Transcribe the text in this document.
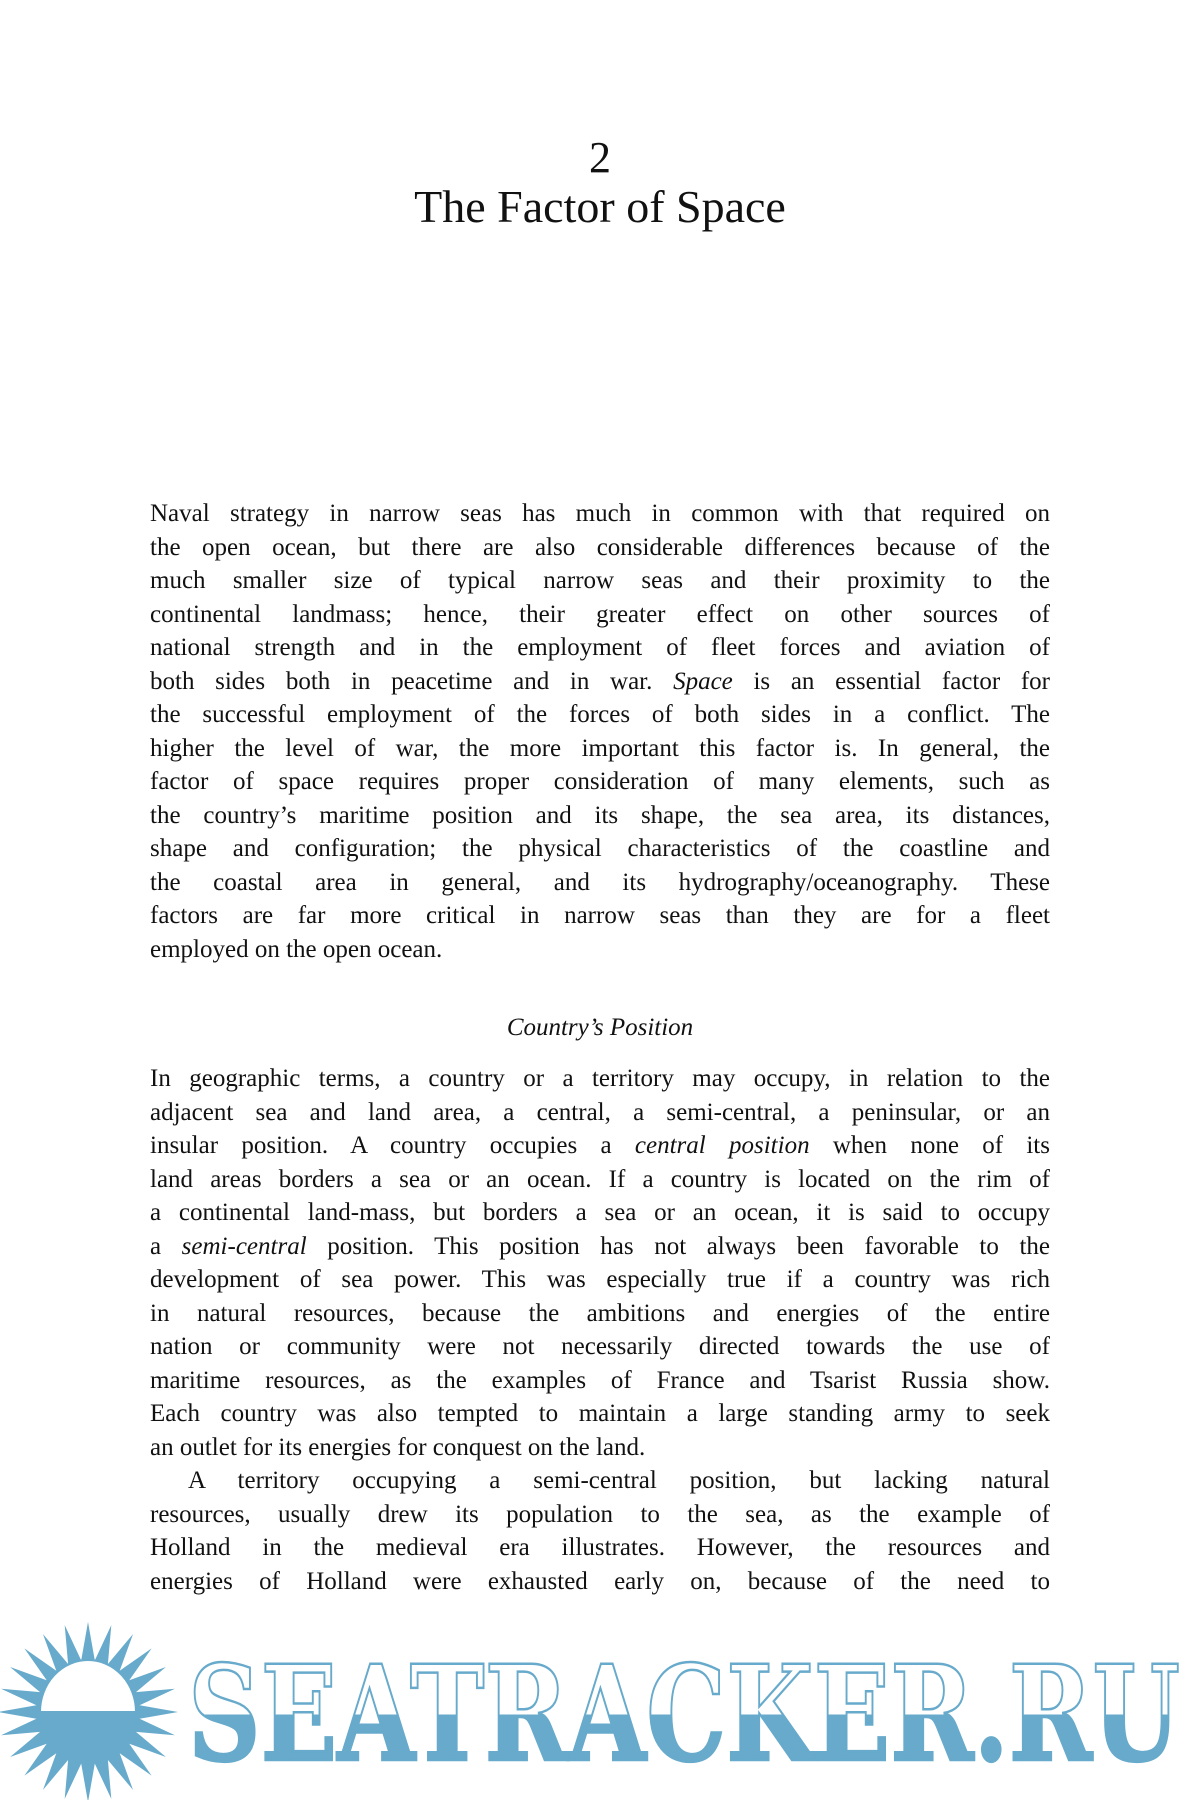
2
The Factor of Space
Naval strategy in narrow seas has much in common with that required on
the open ocean, but there are also considerable differences because of the
much smaller size of typical narrow seas and their proximity to the
continental landmass; hence, their greater effect on other sources of
national strength and in the employment of fleet forces and aviation of
both sides both in peacetime and in war. Space is an essential factor for
the successful employment of the forces of both sides in a conflict. The
higher the level of war, the more important this factor is. In general, the
factor of space requires proper consideration of many elements, such as
the country’s maritime position and its shape, the sea area, its distances,
shape and configuration; the physical characteristics of the coastline and
the coastal area in general, and its hydrography/oceanography. These
factors are far more critical in narrow seas than they are for a fleet
employed on the open ocean.
Country’s Position
In geographic terms, a country or a territory may occupy, in relation to the
adjacent sea and land area, a central, a semi-central, a peninsular, or an
insular position. A country occupies a central position when none of its
land areas borders a sea or an ocean. If a country is located on the rim of
a continental land-mass, but borders a sea or an ocean, it is said to occupy
a semi-central position. This position has not always been favorable to the
development of sea power. This was especially true if a country was rich
in natural resources, because the ambitions and energies of the entire
nation or community were not necessarily directed towards the use of
maritime resources, as the examples of France and Tsarist Russia show.
Each country was also tempted to maintain a large standing army to seek
an outlet for its energies for conquest on the land.
A territory occupying a semi-central position, but lacking natural
resources, usually drew its population to the sea, as the example of
Holland in the medieval era illustrates. However, the resources and
energies of Holland were exhausted early on, because of the need to
SEATRACKER.RU
